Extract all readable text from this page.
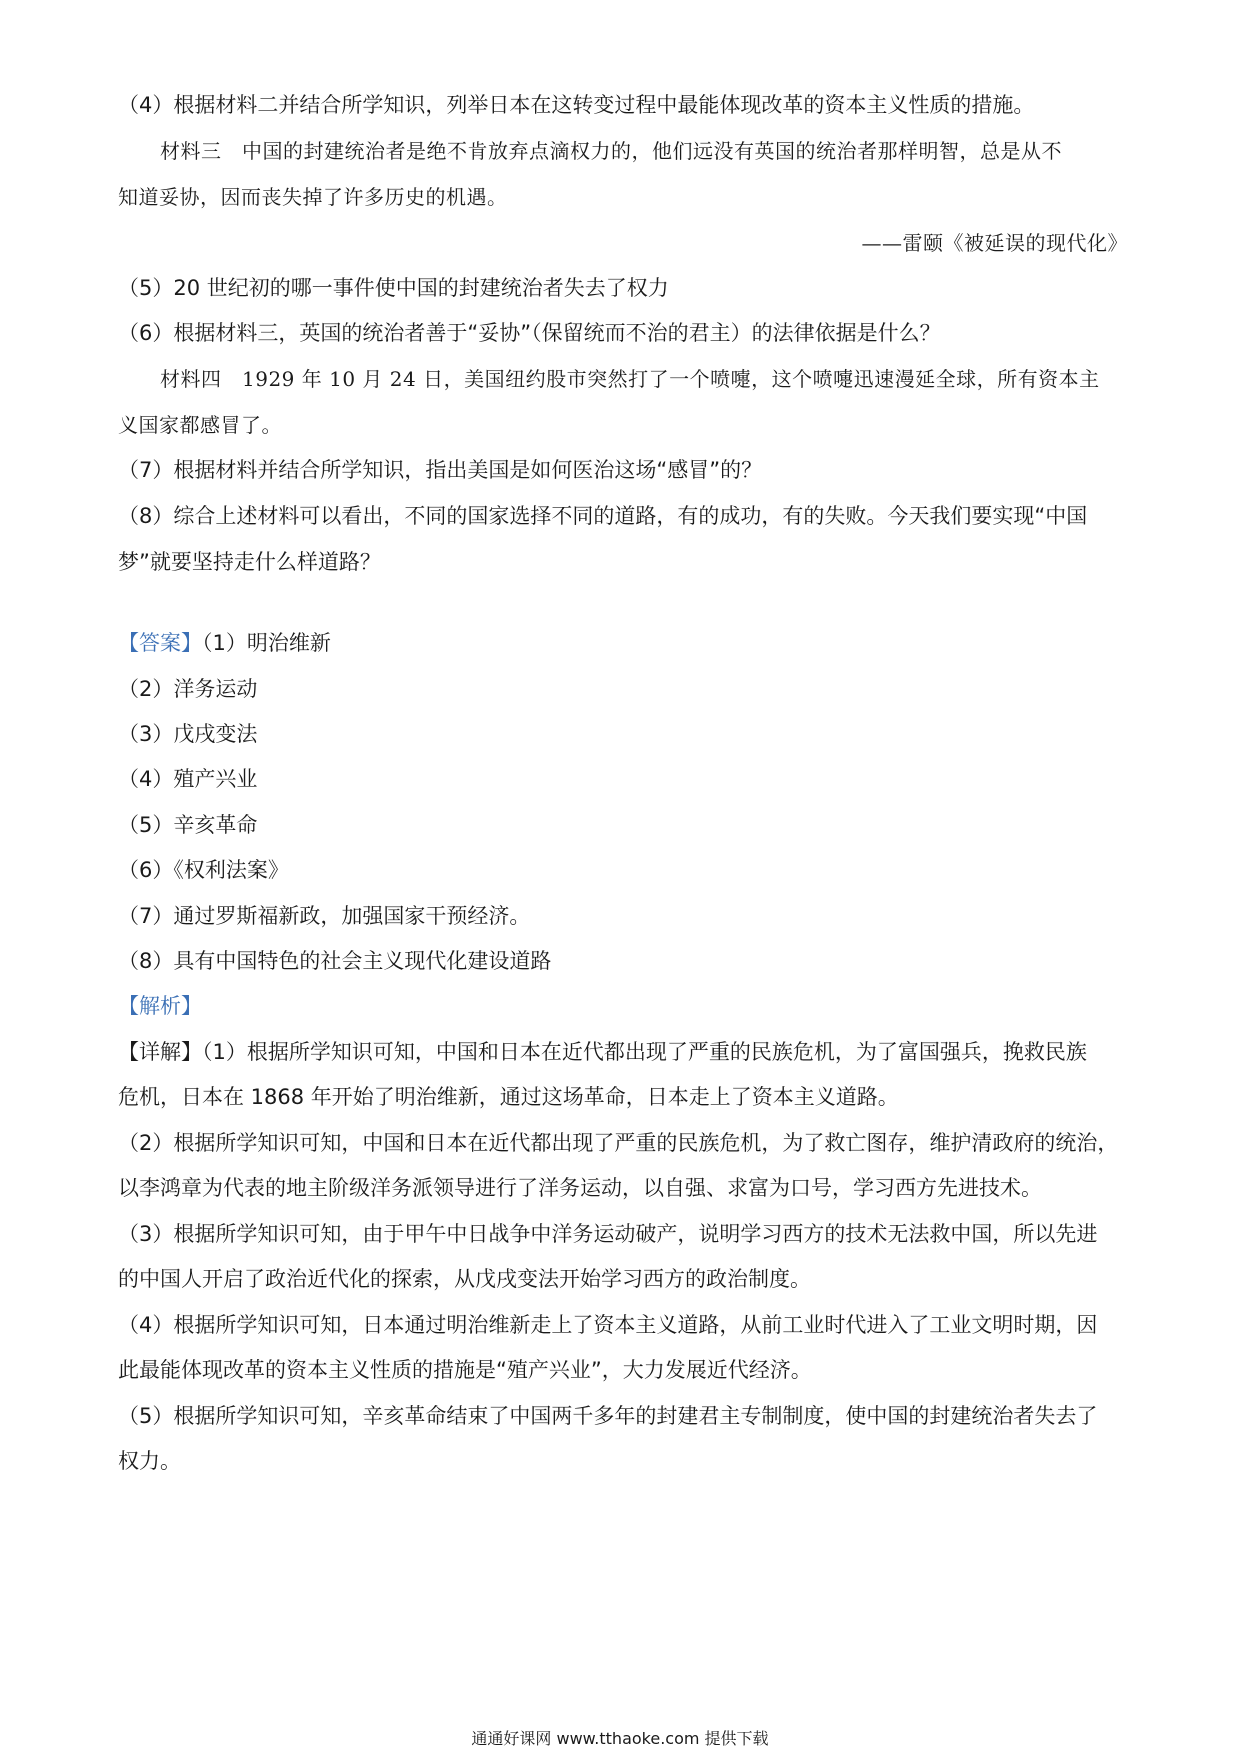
（4）根据材料二并结合所学知识，列举日本在这转变过程中最能体现改革的资本主义性质的措施。
材料三　中国的封建统治者是绝不肯放弃点滴权力的，他们远没有英国的统治者那样明智，总是从不
知道妥协，因而丧失掉了许多历史的机遇。
——雷颐《被延误的现代化》
（5）20 世纪初的哪一事件使中国的封建统治者失去了权力
（6）根据材料三，英国的统治者善于“妥协”（保留统而不治的君主）的法律依据是什么？
材料四　1929 年 10 月 24 日，美国纽约股市突然打了一个喷嚏，这个喷嚏迅速漫延全球，所有资本主
义国家都感冒了。
（7）根据材料并结合所学知识，指出美国是如何医治这场“感冒”的？
（8）综合上述材料可以看出，不同的国家选择不同的道路，有的成功，有的失败。今天我们要实现“中国
梦”就要坚持走什么样道路？
【答案】（1）明治维新
（2）洋务运动
（3）戊戌变法
（4）殖产兴业
（5）辛亥革命
（6）《权利法案》
（7）通过罗斯福新政，加强国家干预经济。
（8）具有中国特色的社会主义现代化建设道路
【解析】
【详解】（1）根据所学知识可知，中国和日本在近代都出现了严重的民族危机，为了富国强兵，挽救民族
危机，日本在 1868 年开始了明治维新，通过这场革命，日本走上了资本主义道路。
（2）根据所学知识可知，中国和日本在近代都出现了严重的民族危机，为了救亡图存，维护清政府的统治，
以李鸿章为代表的地主阶级洋务派领导进行了洋务运动，以自强、求富为口号，学习西方先进技术。
（3）根据所学知识可知，由于甲午中日战争中洋务运动破产，说明学习西方的技术无法救中国，所以先进
的中国人开启了政治近代化的探索，从戊戌变法开始学习西方的政治制度。
（4）根据所学知识可知，日本通过明治维新走上了资本主义道路，从前工业时代进入了工业文明时期，因
此最能体现改革的资本主义性质的措施是“殖产兴业”，大力发展近代经济。
（5）根据所学知识可知，辛亥革命结束了中国两千多年的封建君主专制制度，使中国的封建统治者失去了
权力。
通通好课网 www.tthaoke.com 提供下载
